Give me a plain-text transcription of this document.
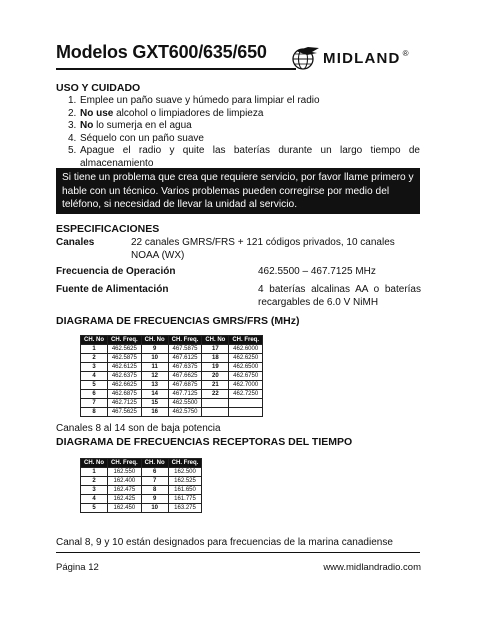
Modelos GXT600/635/650	MIDLAND ®
USO Y CUIDADO
1. Emplee un paño suave y húmedo para limpiar el radio
2. No use alcohol o limpiadores de limpieza
3. No lo sumerja en el agua
4. Séquelo con un paño suave
5. Apague el radio y quite las baterías durante un largo tiempo de almacenamiento
Si tiene un problema que crea que requiere servicio, por favor llame primero y hable con un técnico. Varios problemas pueden corregirse por medio del teléfono, si necesidad de llevar la unidad al servicio.
ESPECIFICACIONES
Canales	22 canales GMRS/FRS + 121 códigos privados, 10 canales NOAA (WX)
Frecuencia de Operación	462.5500 – 467.7125 MHz
Fuente de Alimentación	4 baterías alcalinas AA o baterías recargables de 6.0 V NiMH
DIAGRAMA DE FRECUENCIAS GMRS/FRS (MHz)
CH. No	CH. Freq.	CH. No	CH. Freq.	CH. No	CH. Freq.
1	462.5625	9	467.5875	17	462.6000
2	462.5875	10	467.6125	18	462.6250
3	462.6125	11	467.6375	19	462.6500
4	462.6375	12	467.6625	20	462.6750
5	462.6625	13	467.6875	21	462.7000
6	462.6875	14	467.7125	22	462.7250
7	462.7125	15	462.5500		
8	467.5625	16	462.5750		
Canales 8 al 14 son de baja potencia
DIAGRAMA DE FRECUENCIAS RECEPTORAS DEL TIEMPO
CH. No	CH. Freq.	CH. No	CH. Freq.
1	162.550	6	162.500
2	162.400	7	162.525
3	162.475	8	161.650
4	162.425	9	161.775
5	162.450	10	163.275
Canal 8, 9 y 10 están designados para frecuencias de la marina canadiense
Página 12	www.midlandradio.com
